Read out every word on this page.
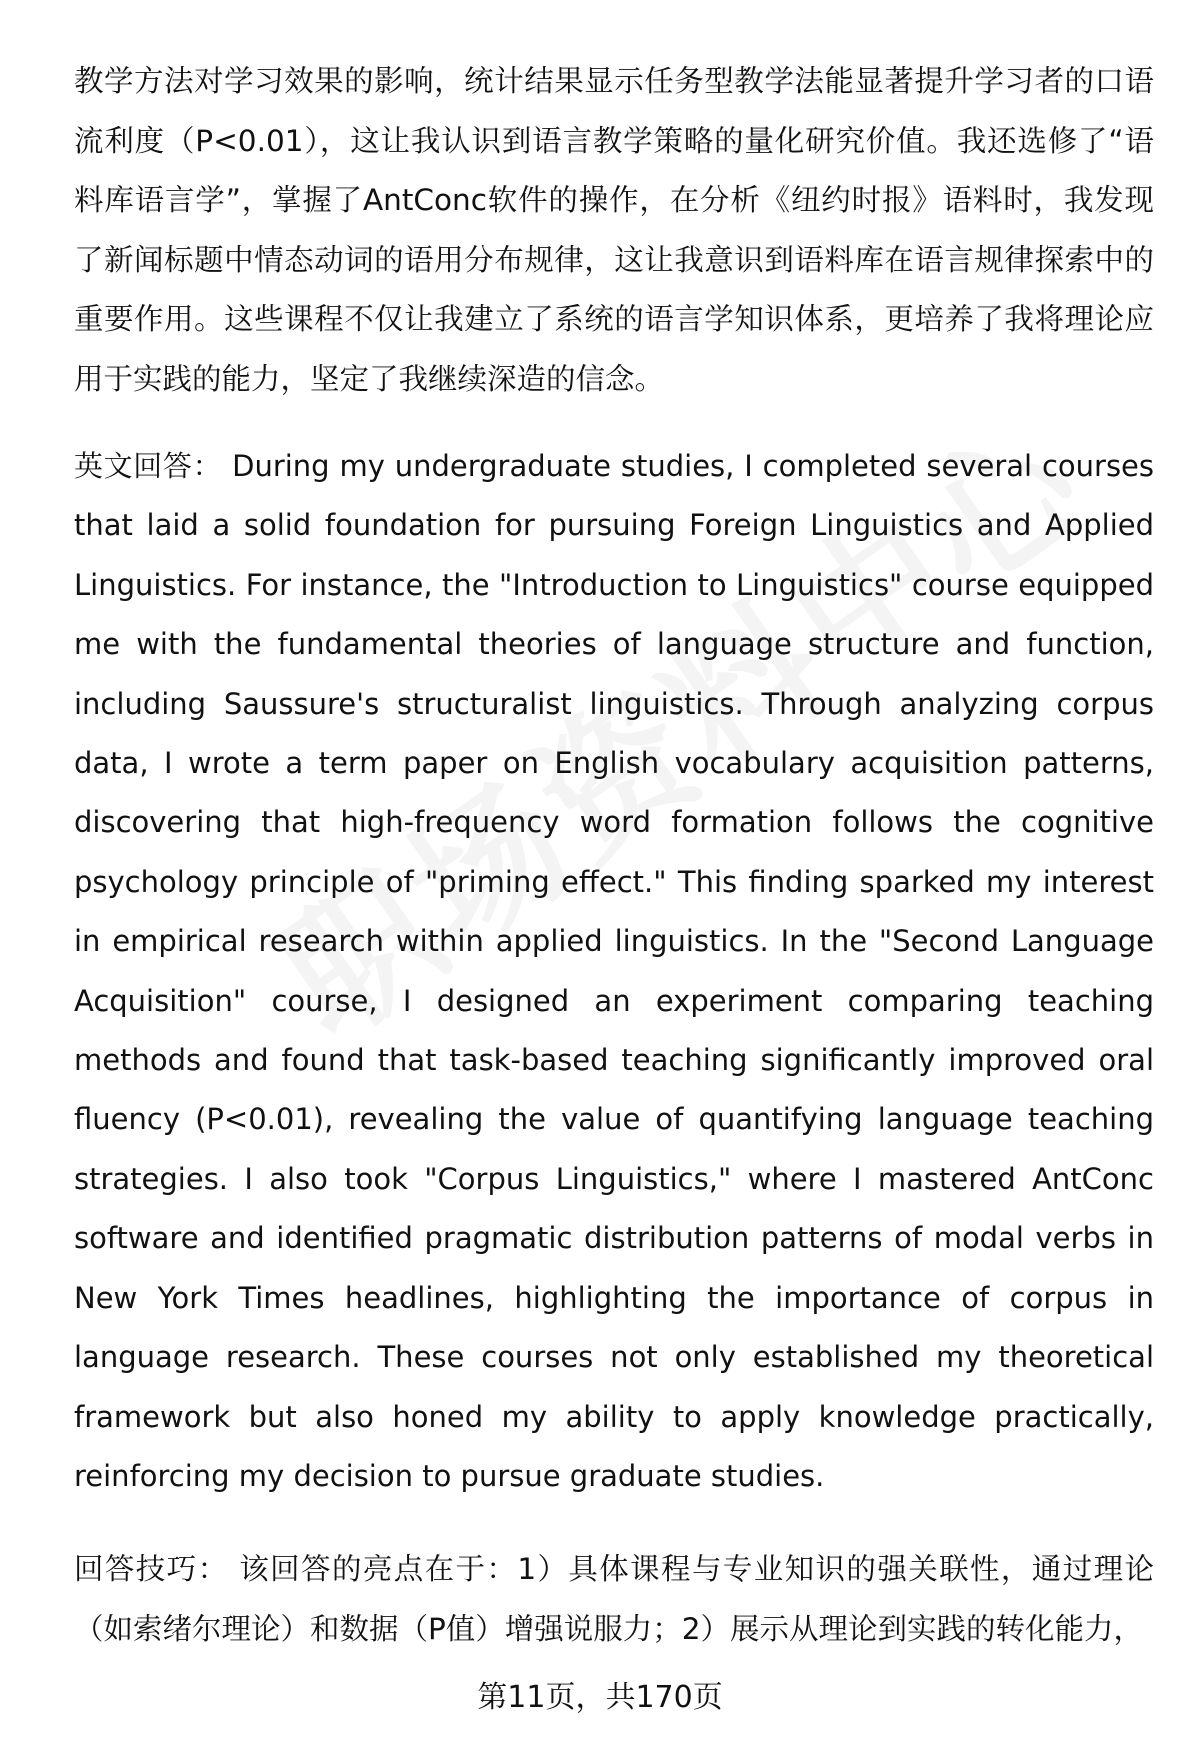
教学方法对学习效果的影响，统计结果显示任务型教学法能显著提升学习者的口语流利度（P<0.01），这让我认识到语言教学策略的量化研究价值。我还选修了“语料库语言学”，掌握了AntConc软件的操作，在分析《纽约时报》语料时，我发现了新闻标题中情态动词的语用分布规律，这让我意识到语料库在语言规律探索中的重要作用。这些课程不仅让我建立了系统的语言学知识体系，更培养了我将理论应用于实践的能力，坚定了我继续深造的信念。

英文回答： During my undergraduate studies, I completed several courses that laid a solid foundation for pursuing Foreign Linguistics and Applied Linguistics. For instance, the "Introduction to Linguistics" course equipped me with the fundamental theories of language structure and function, including Saussure's structuralist linguistics. Through analyzing corpus data, I wrote a term paper on English vocabulary acquisition patterns, discovering that high-frequency word formation follows the cognitive psychology principle of "priming effect." This finding sparked my interest in empirical research within applied linguistics. In the "Second Language Acquisition" course, I designed an experiment comparing teaching methods and found that task-based teaching significantly improved oral fluency (P<0.01), revealing the value of quantifying language teaching strategies. I also took "Corpus Linguistics," where I mastered AntConc software and identified pragmatic distribution patterns of modal verbs in New York Times headlines, highlighting the importance of corpus in language research. These courses not only established my theoretical framework but also honed my ability to apply knowledge practically, reinforcing my decision to pursue graduate studies.

回答技巧： 该回答的亮点在于：1）具体课程与专业知识的强关联性，通过理论（如索绪尔理论）和数据（P值）增强说服力；2）展示从理论到实践的转化能力，

第11页，共170页
